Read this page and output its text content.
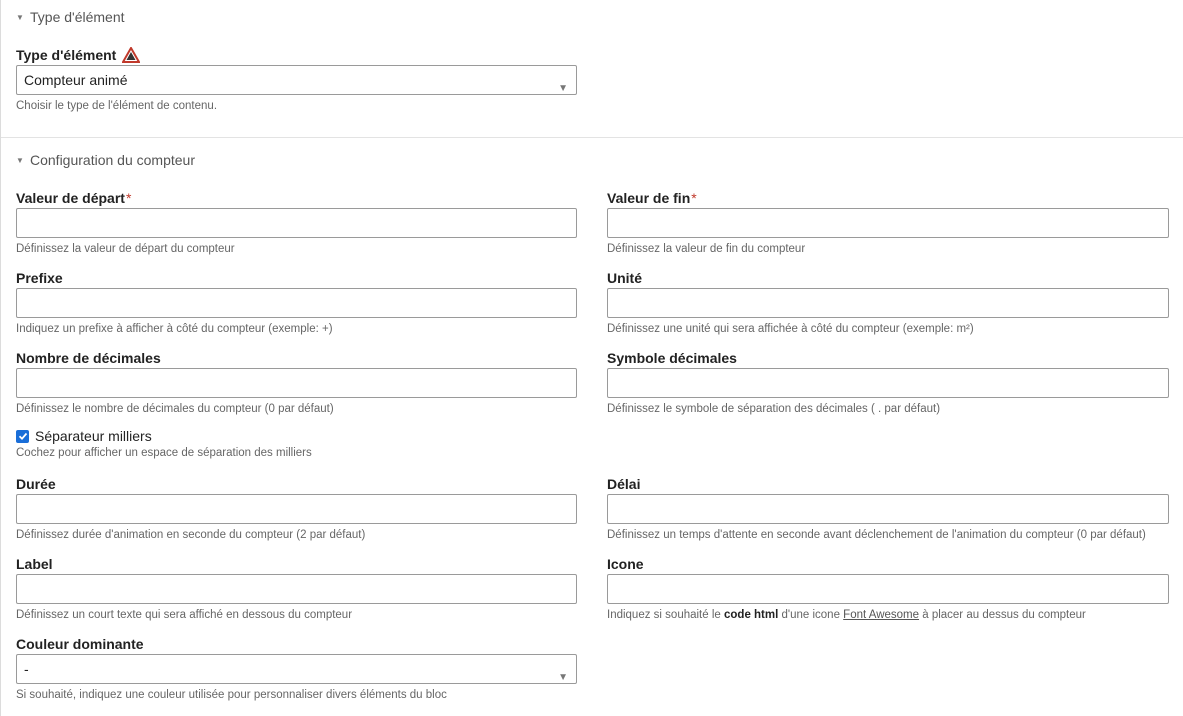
▼ Type d'élément
Type d'élément
Compteur animé
▼
Choisir le type de l'élément de contenu.
▼ Configuration du compteur
Valeur de départ*
Définissez la valeur de départ du compteur
Valeur de fin*
Définissez la valeur de fin du compteur
Prefixe
Indiquez un prefixe à afficher à côté du compteur (exemple: +)
Unité
Définissez une unité qui sera affichée à côté du compteur (exemple: m²)
Nombre de décimales
Définissez le nombre de décimales du compteur (0 par défaut)
Symbole décimales
Définissez le symbole de séparation des décimales ( . par défaut)
Séparateur milliers
Cochez pour afficher un espace de séparation des milliers
Durée
Définissez durée d'animation en seconde du compteur (2 par défaut)
Délai
Définissez un temps d'attente en seconde avant déclenchement de l'animation du compteur (0 par défaut)
Label
Définissez un court texte qui sera affiché en dessous du compteur
Icone
Indiquez si souhaité le code html d'une icone Font Awesome à placer au dessus du compteur
Couleur dominante
-
▼
Si souhaité, indiquez une couleur utilisée pour personnaliser divers éléments du bloc
